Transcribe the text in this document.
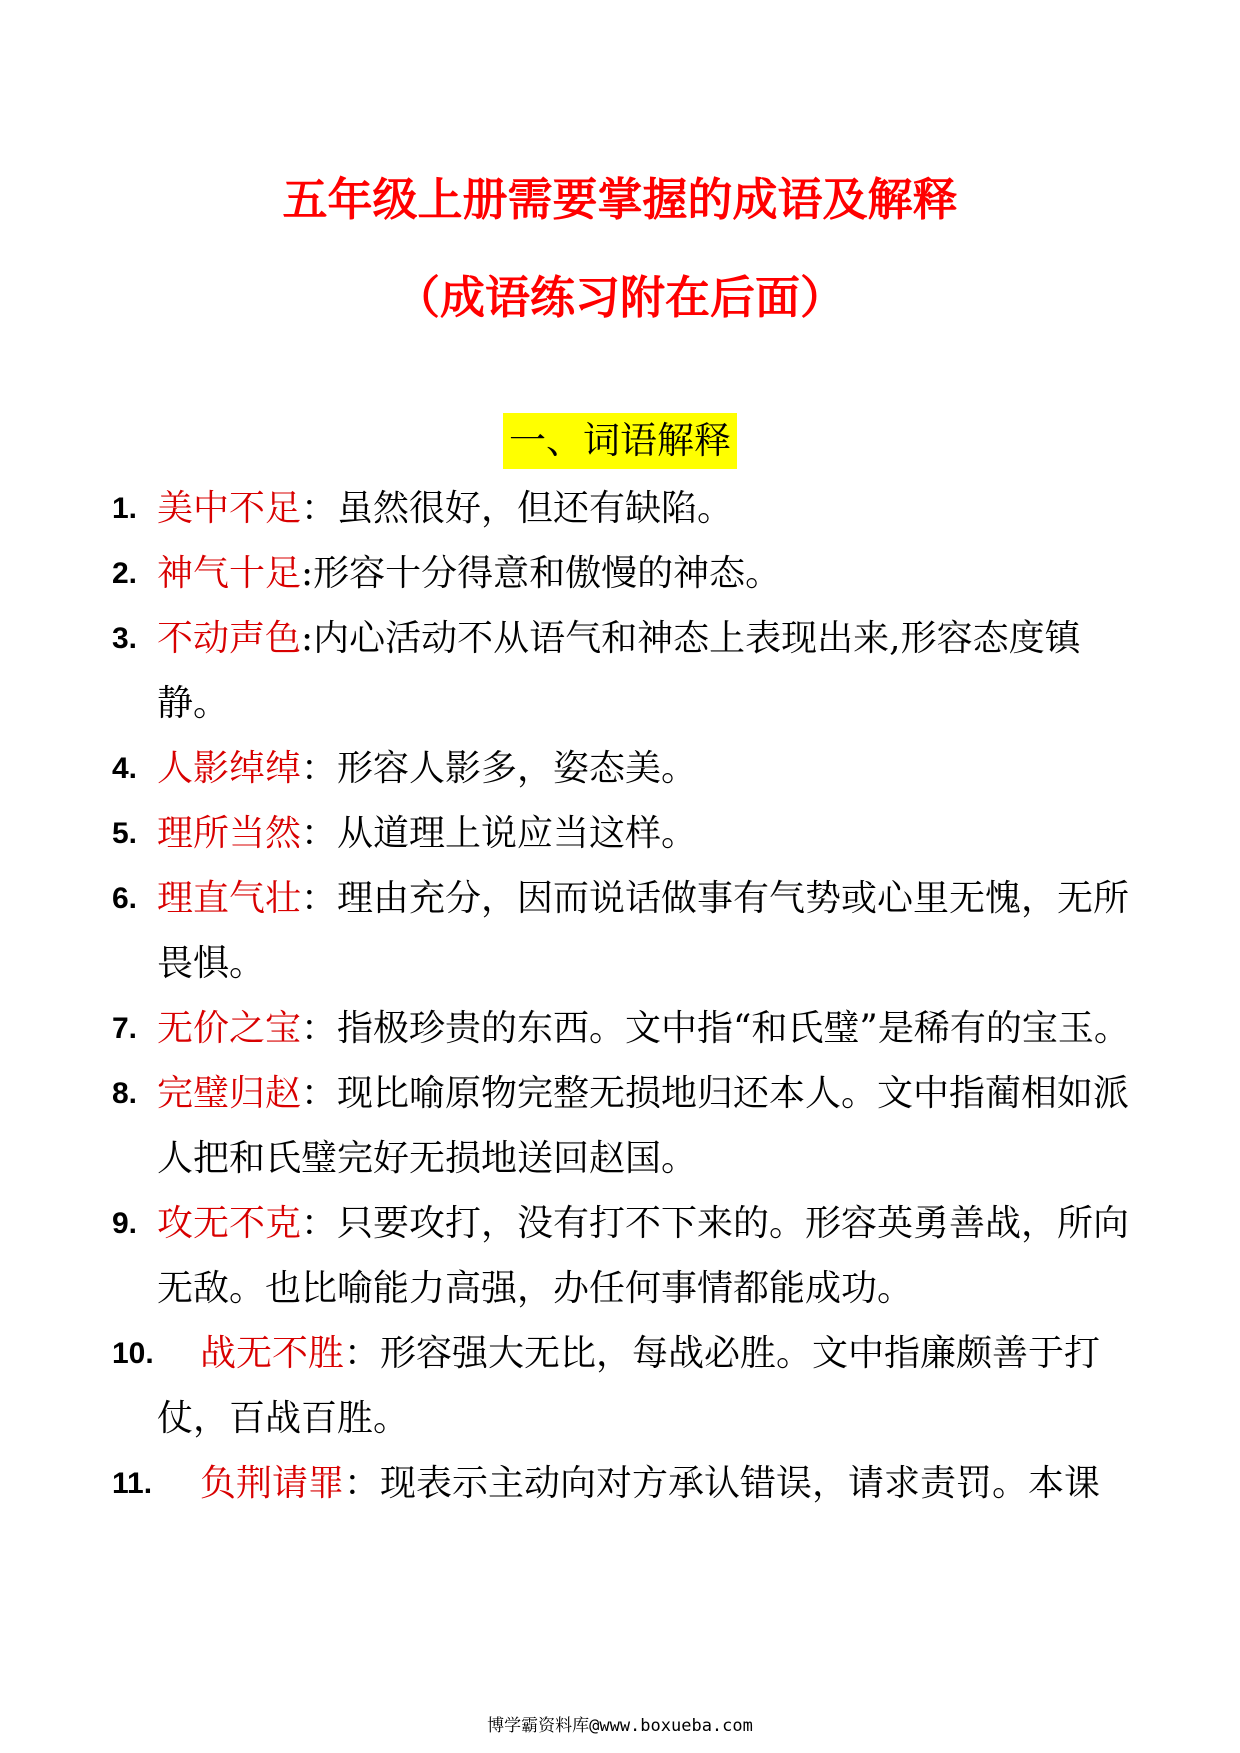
五年级上册需要掌握的成语及解释
（成语练习附在后面）
一、词语解释
1. 美中不足：虽然很好，但还有缺陷。
2. 神气十足:形容十分得意和傲慢的神态。
3. 不动声色:内心活动不从语气和神态上表现出来,形容态度镇静。
4. 人影绰绰：形容人影多，姿态美。
5. 理所当然：从道理上说应当这样。
6. 理直气壮：理由充分，因而说话做事有气势或心里无愧，无所畏惧。
7. 无价之宝：指极珍贵的东西。文中指“和氏璧”是稀有的宝玉。
8. 完璧归赵：现比喻原物完整无损地归还本人。文中指蔺相如派人把和氏璧完好无损地送回赵国。
9. 攻无不克：只要攻打，没有打不下来的。形容英勇善战，所向无敌。也比喻能力高强，办任何事情都能成功。
10. 战无不胜：形容强大无比，每战必胜。文中指廉颇善于打仗，百战百胜。
11. 负荆请罪：现表示主动向对方承认错误，请求责罚。本课
博学霸资料库@www.boxueba.com
